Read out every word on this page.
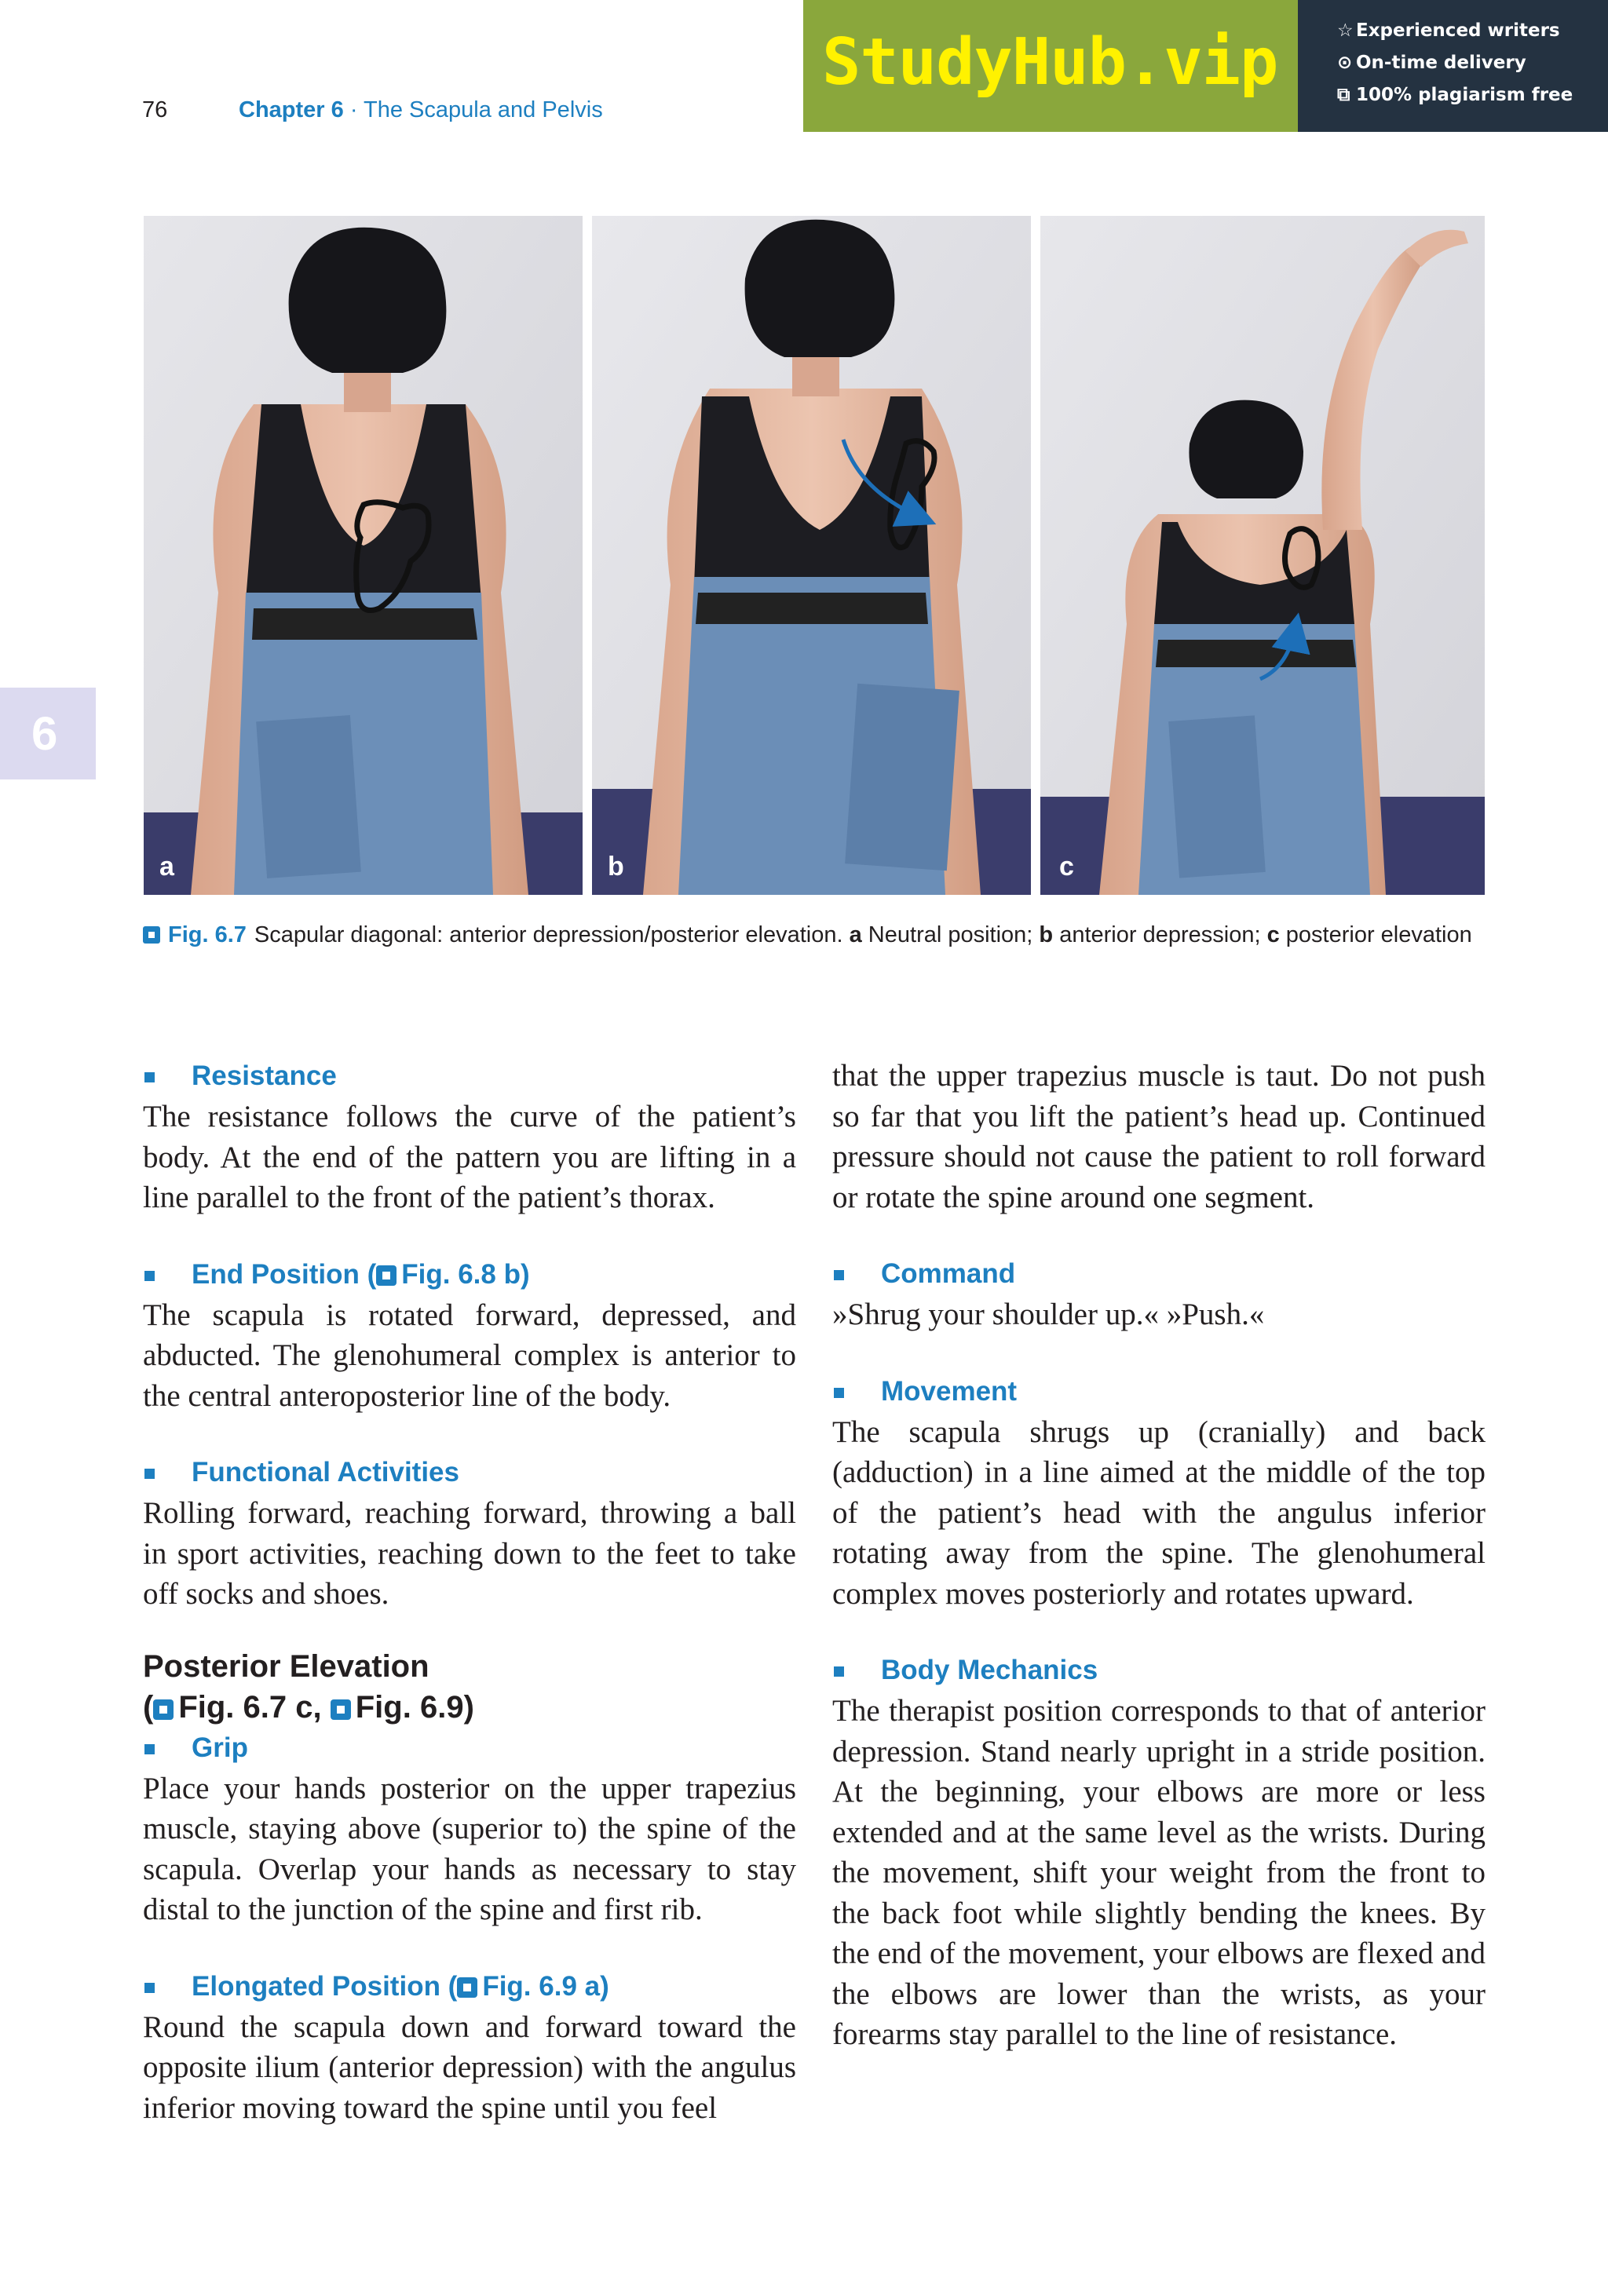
76	Chapter 6 · The Scapula and Pelvis
StudyHub.vip	☆ Experienced writers
⊙ On-time delivery
⧉ 100% plagiarism free
6
a	b	c
Fig. 6.7 Scapular diagonal: anterior depression/posterior elevation. a Neutral position; b anterior depression; c posterior elevation
Resistance
The resistance follows the curve of the patient’s body. At the end of the pattern you are lifting in a line parallel to the front of the patient’s thorax.
End Position ( Fig. 6.8 b)
The scapula is rotated forward, depressed, and abducted. The glenohumeral complex is anterior to the central anteroposterior line of the body.
Functional Activities
Rolling forward, reaching forward, throwing a ball in sport activities, reaching down to the feet to take off socks and shoes.
Posterior Elevation
( Fig. 6.7 c, Fig. 6.9)
Grip
Place your hands posterior on the upper trapezius muscle, staying above (superior to) the spine of the scapula. Overlap your hands as necessary to stay distal to the junction of the spine and first rib.
Elongated Position ( Fig. 6.9 a)
Round the scapula down and forward toward the opposite ilium (anterior depression) with the angulus inferior moving toward the spine until you feel
that the upper trapezius muscle is taut. Do not push so far that you lift the patient’s head up. Continued pressure should not cause the patient to roll forward or rotate the spine around one segment.
Command
»Shrug your shoulder up.« »Push.«
Movement
The scapula shrugs up (cranially) and back (adduction) in a line aimed at the middle of the top of the patient’s head with the angulus inferior rotating away from the spine. The glenohumeral complex moves posteriorly and rotates upward.
Body Mechanics
The therapist position corresponds to that of anterior depression. Stand nearly upright in a stride position. At the beginning, your elbows are more or less extended and at the same level as the wrists. During the movement, shift your weight from the front to the back foot while slightly bending the knees. By the end of the movement, your elbows are flexed and the elbows are lower than the wrists, as your forearms stay parallel to the line of resistance.
